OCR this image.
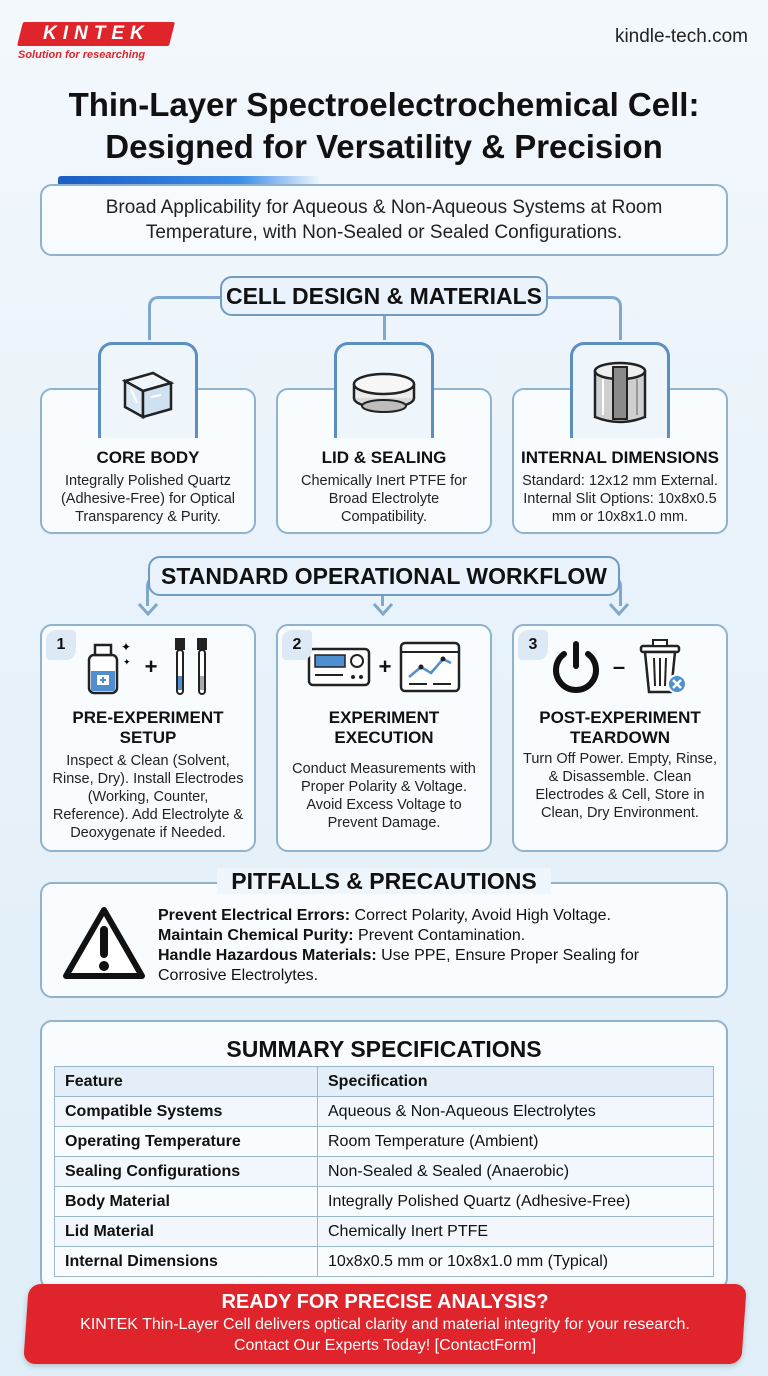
KINTEK
Solution for researching
kindle-tech.com
Thin-Layer Spectroelectrochemical Cell:
Designed for Versatility & Precision
Broad Applicability for Aqueous & Non-Aqueous Systems at Room Temperature, with Non-Sealed or Sealed Configurations.
CELL DESIGN & MATERIALS
CORE BODY
Integrally Polished Quartz (Adhesive-Free) for Optical Transparency & Purity.
LID & SEALING
Chemically Inert PTFE for Broad Electrolyte Compatibility.
INTERNAL DIMENSIONS
Standard: 12x12 mm External. Internal Slit Options: 10x8x0.5 mm or 10x8x1.0 mm.
STANDARD OPERATIONAL WORKFLOW
1	✦
✦ +
PRE-EXPERIMENT SETUP
Inspect & Clean (Solvent, Rinse, Dry). Install Electrodes (Working, Counter, Reference). Add Electrolyte & Deoxygenate if Needed.
2
+
EXPERIMENT EXECUTION
Conduct Measurements with Proper Polarity & Voltage. Avoid Excess Voltage to Prevent Damage.
3
–
POST-EXPERIMENT
TEARDOWN
Turn Off Power. Empty, Rinse, & Disassemble. Clean Electrodes & Cell, Store in Clean, Dry Environment.
Prevent Electrical Errors: Correct Polarity, Avoid High Voltage.
Maintain Chemical Purity: Prevent Contamination.
Handle Hazardous Materials: Use PPE, Ensure Proper Sealing for Corrosive Electrolytes.
PITFALLS & PRECAUTIONS
SUMMARY SPECIFICATIONS
Feature	Specification
Compatible Systems	Aqueous & Non-Aqueous Electrolytes
Operating Temperature	Room Temperature (Ambient)
Sealing Configurations	Non-Sealed & Sealed (Anaerobic)
Body Material	Integrally Polished Quartz (Adhesive-Free)
Lid Material	Chemically Inert PTFE
Internal Dimensions	10x8x0.5 mm or 10x8x1.0 mm (Typical)
READY FOR PRECISE ANALYSIS?
KINTEK Thin-Layer Cell delivers optical clarity and material integrity for your research.
Contact Our Experts Today! [ContactForm]
